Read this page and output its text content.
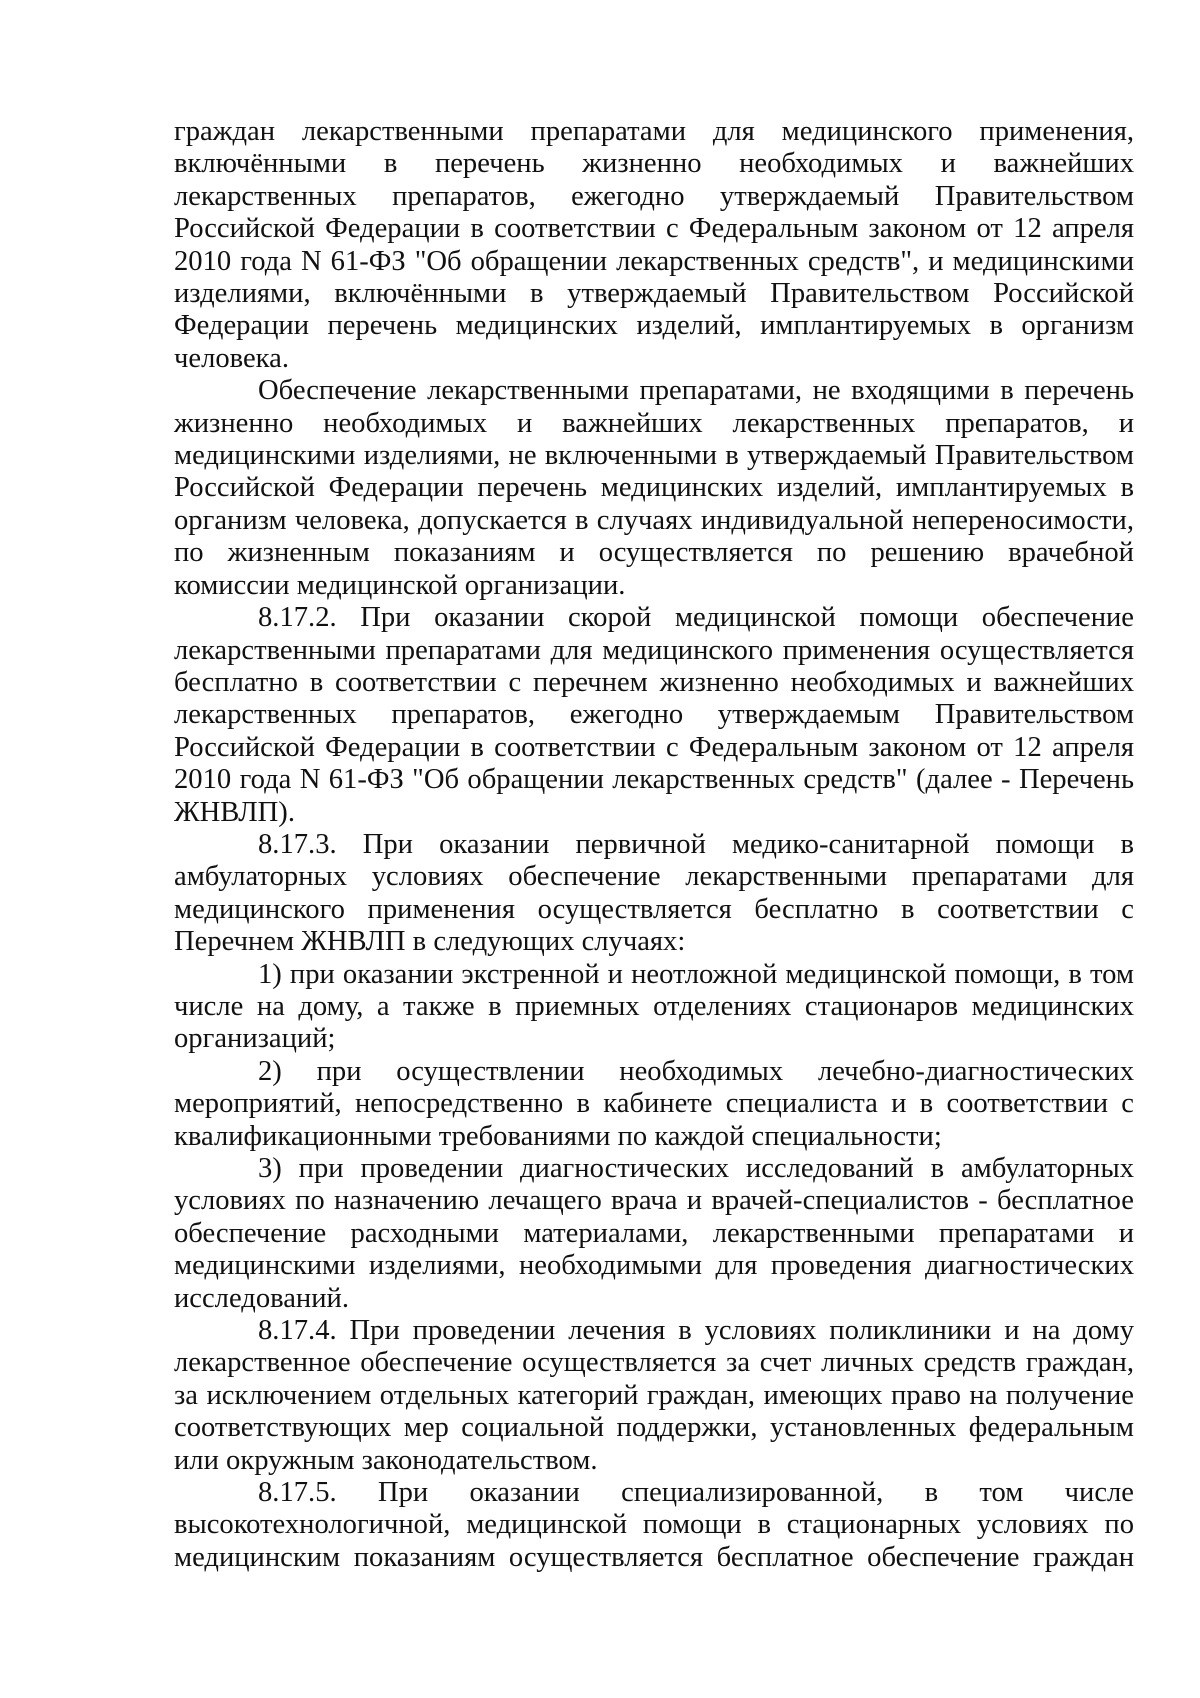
граждан лекарственными препаратами для медицинского применения, включёнными в перечень жизненно необходимых и важнейших лекарственных препаратов, ежегодно утверждаемый Правительством Российской Федерации в соответствии с Федеральным законом от 12 апреля 2010 года N 61-ФЗ "Об обращении лекарственных средств", и медицинскими изделиями, включёнными в утверждаемый Правительством Российской Федерации перечень медицинских изделий, имплантируемых в организм человека.

Обеспечение лекарственными препаратами, не входящими в перечень жизненно необходимых и важнейших лекарственных препаратов, и медицинскими изделиями, не включенными в утверждаемый Правительством Российской Федерации перечень медицинских изделий, имплантируемых в организм человека, допускается в случаях индивидуальной непереносимости, по жизненным показаниям и осуществляется по решению врачебной комиссии медицинской организации.

8.17.2. При оказании скорой медицинской помощи обеспечение лекарственными препаратами для медицинского применения осуществляется бесплатно в соответствии с перечнем жизненно необходимых и важнейших лекарственных препаратов, ежегодно утверждаемым Правительством Российской Федерации в соответствии с Федеральным законом от 12 апреля 2010 года N 61-ФЗ "Об обращении лекарственных средств" (далее - Перечень ЖНВЛП).

8.17.3. При оказании первичной медико-санитарной помощи в амбулаторных условиях обеспечение лекарственными препаратами для медицинского применения осуществляется бесплатно в соответствии с Перечнем ЖНВЛП в следующих случаях:

1) при оказании экстренной и неотложной медицинской помощи, в том числе на дому, а также в приемных отделениях стационаров медицинских организаций;

2) при осуществлении необходимых лечебно-диагностических мероприятий, непосредственно в кабинете специалиста и в соответствии с квалификационными требованиями по каждой специальности;

3) при проведении диагностических исследований в амбулаторных условиях по назначению лечащего врача и врачей-специалистов - бесплатное обеспечение расходными материалами, лекарственными препаратами и медицинскими изделиями, необходимыми для проведения диагностических исследований.

8.17.4. При проведении лечения в условиях поликлиники и на дому лекарственное обеспечение осуществляется за счет личных средств граждан, за исключением отдельных категорий граждан, имеющих право на получение соответствующих мер социальной поддержки, установленных федеральным или окружным законодательством.

8.17.5. При оказании специализированной, в том числе высокотехнологичной, медицинской помощи в стационарных условиях по медицинским показаниям осуществляется бесплатное обеспечение граждан
